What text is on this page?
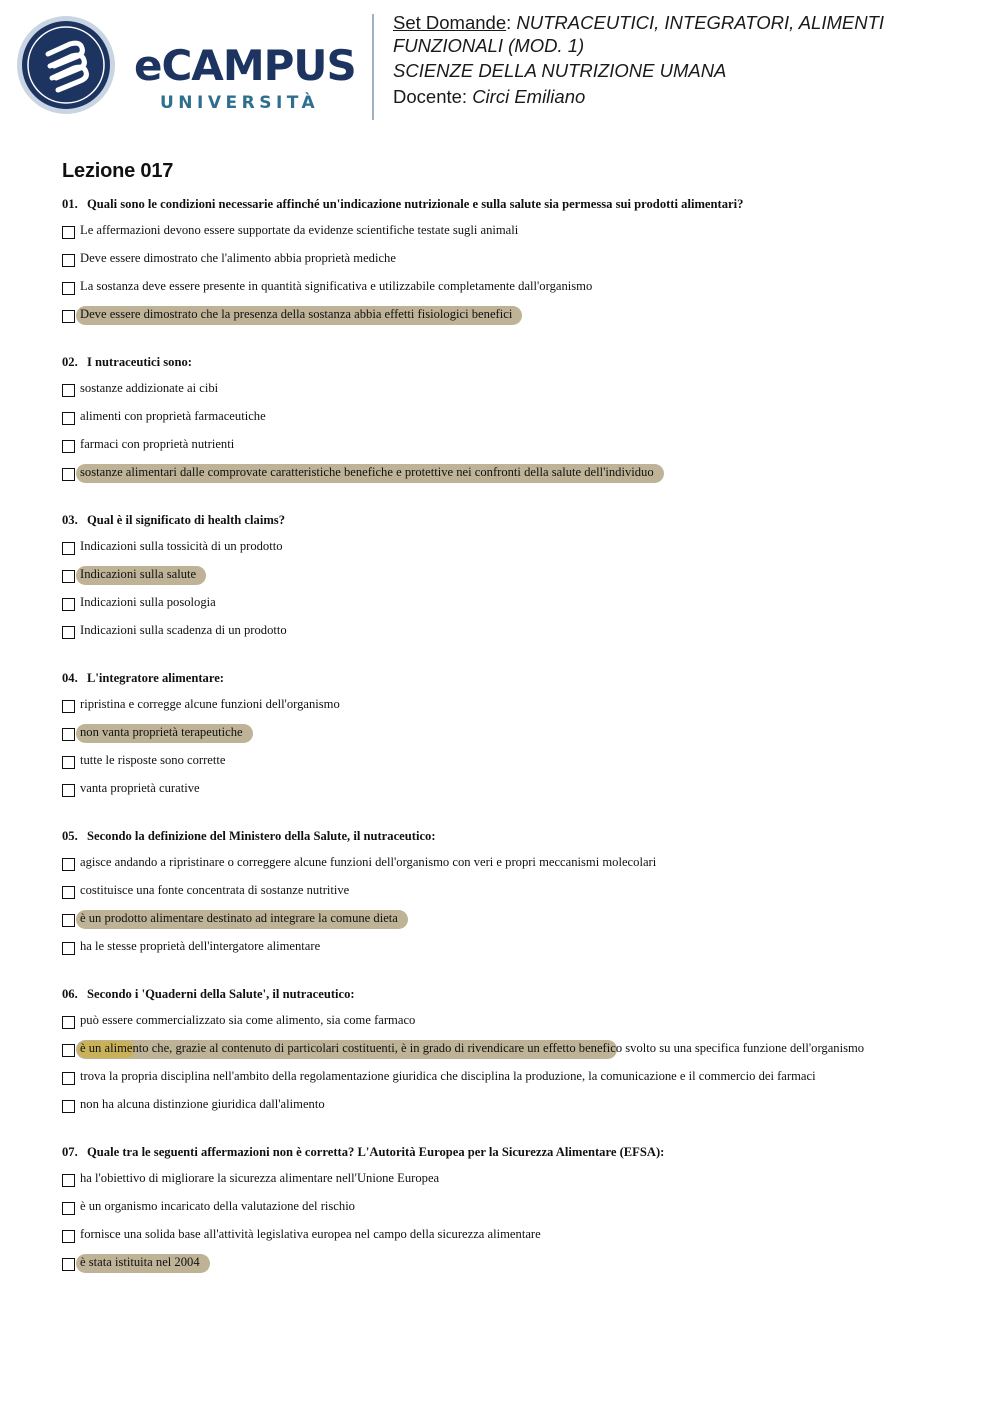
eCAMPUS
UNIVERSITÀ
Set Domande: NUTRACEUTICI, INTEGRATORI, ALIMENTI
FUNZIONALI (MOD. 1)
SCIENZE DELLA NUTRIZIONE UMANA
Docente: Circi Emiliano
Lezione 017
01. Quali sono le condizioni necessarie affinché un'indicazione nutrizionale e sulla salute sia permessa sui prodotti alimentari?
Le affermazioni devono essere supportate da evidenze scientifiche testate sugli animali
Deve essere dimostrato che l'alimento abbia proprietà mediche
La sostanza deve essere presente in quantità significativa e utilizzabile completamente dall'organismo
Deve essere dimostrato che la presenza della sostanza abbia effetti fisiologici benefici
02. I nutraceutici sono:
sostanze addizionate ai cibi
alimenti con proprietà farmaceutiche
farmaci con proprietà nutrienti
sostanze alimentari dalle comprovate caratteristiche benefiche e protettive nei confronti della salute dell'individuo
03. Qual è il significato di health claims?
Indicazioni sulla tossicità di un prodotto
Indicazioni sulla salute
Indicazioni sulla posologia
Indicazioni sulla scadenza di un prodotto
04. L'integratore alimentare:
ripristina e corregge alcune funzioni dell'organismo
non vanta proprietà terapeutiche
tutte le risposte sono corrette
vanta proprietà curative
05. Secondo la definizione del Ministero della Salute, il nutraceutico:
agisce andando a ripristinare o correggere alcune funzioni dell'organismo con veri e propri meccanismi molecolari
costituisce una fonte concentrata di sostanze nutritive
è un prodotto alimentare destinato ad integrare la comune dieta
ha le stesse proprietà dell'intergatore alimentare
06. Secondo i 'Quaderni della Salute', il nutraceutico:
può essere commercializzato sia come alimento, sia come farmaco
è un alimento che, grazie al contenuto di particolari costituenti, è in grado di rivendicare un effetto benefico svolto su una specifica funzione dell'organismo
trova la propria disciplina nell'ambito della regolamentazione giuridica che disciplina la produzione, la comunicazione e il commercio dei farmaci
non ha alcuna distinzione giuridica dall'alimento
07. Quale tra le seguenti affermazioni non è corretta? L'Autorità Europea per la Sicurezza Alimentare (EFSA):
ha l'obiettivo di migliorare la sicurezza alimentare nell'Unione Europea
è un organismo incaricato della valutazione del rischio
fornisce una solida base all'attività legislativa europea nel campo della sicurezza alimentare
è stata istituita nel 2004
